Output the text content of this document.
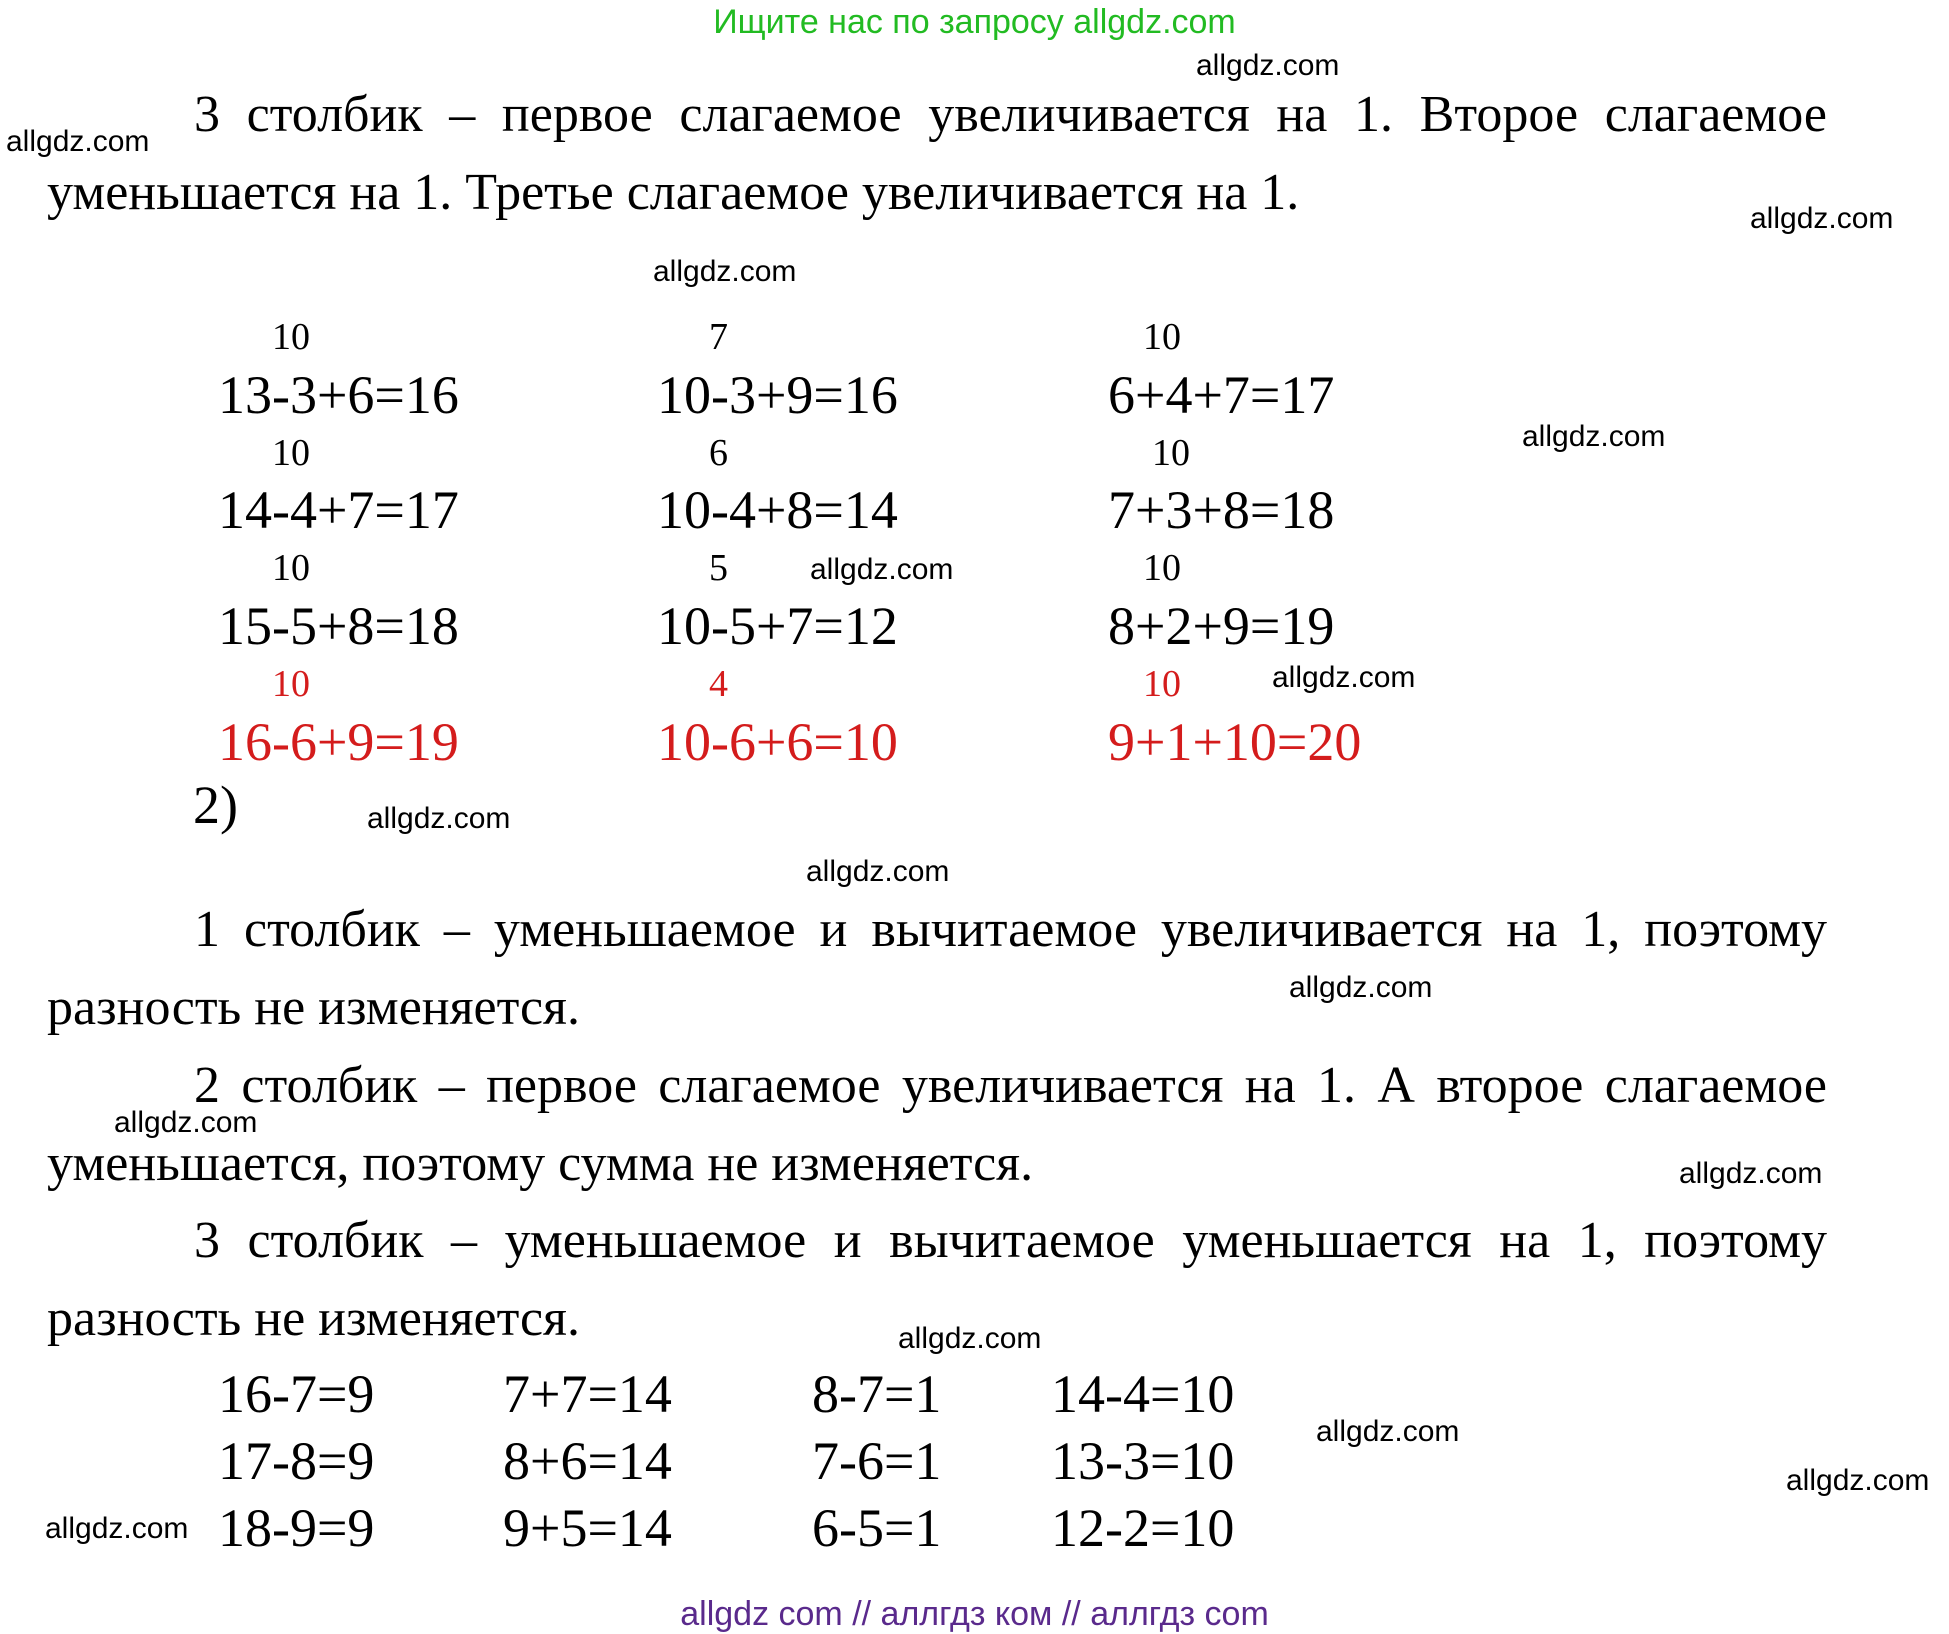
Ищите нас по запросу allgdz.com
allgdz com // аллгдз ком // аллгдз com
3 столбик – первое слагаемое увеличивается на 1. Второе слагаемое уменьшается на 1. Третье слагаемое увеличивается на 1.
10
13-3+6=16
10
14-4+7=17
10
15-5+8=18
10
16-6+9=19
7
10-3+9=16
6
10-4+8=14
5
10-5+7=12
4
10-6+6=10
10
6+4+7=17
10
7+3+8=18
10
8+2+9=19
10
9+1+10=20
2)
1 столбик – уменьшаемое и вычитаемое увеличивается на 1, поэтому разность не изменяется.
2 столбик – первое слагаемое увеличивается на 1. А второе слагаемое уменьшается, поэтому сумма не изменяется.
3 столбик – уменьшаемое и вычитаемое уменьшается на 1, поэтому разность не изменяется.
16-7=9
17-8=9
18-9=9
7+7=14
8+6=14
9+5=14
8-7=1
7-6=1
6-5=1
14-4=10
13-3=10
12-2=10
allgdz.com
allgdz.com
allgdz.com
allgdz.com
allgdz.com
allgdz.com
allgdz.com
allgdz.com
allgdz.com
allgdz.com
allgdz.com
allgdz.com
allgdz.com
allgdz.com
allgdz.com
allgdz.com
